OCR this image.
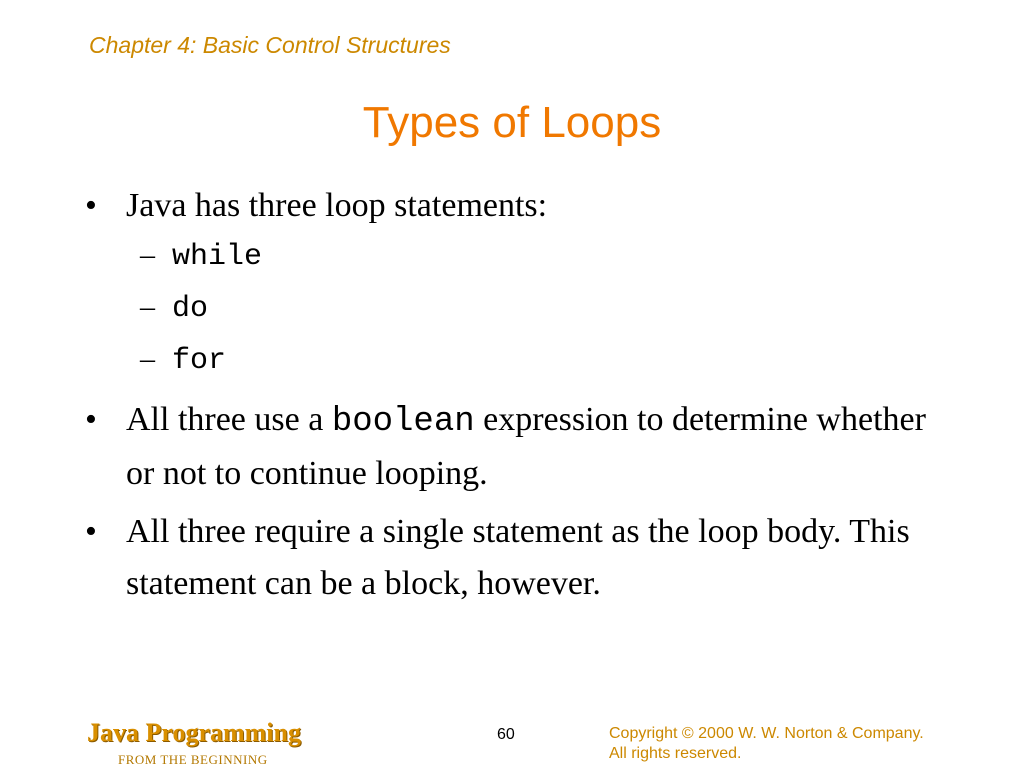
Chapter 4: Basic Control Structures
Types of Loops
• Java has three loop statements:
– while
– do
– for
• All three use a boolean expression to determine whether or not to continue looping.
• All three require a single statement as the loop body. This statement can be a block, however.
Java Programming
FROM THE BEGINNING
60	Copyright © 2000 W. W. Norton & Company.
All rights reserved.
